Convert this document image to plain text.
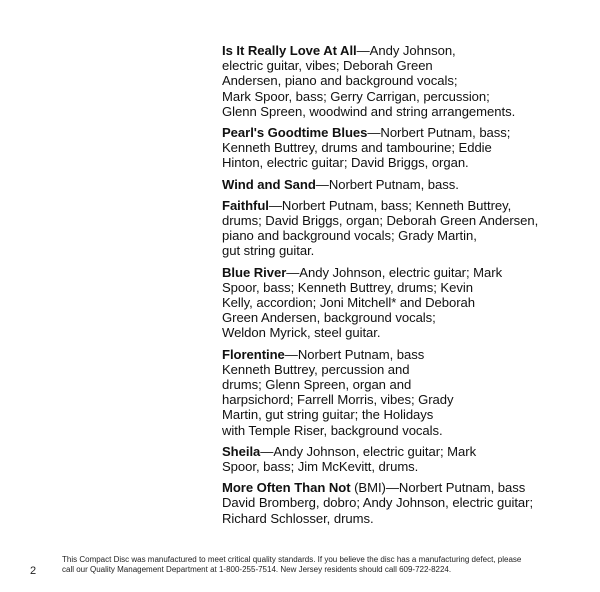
Is It Really Love At All—Andy Johnson,
electric guitar, vibes; Deborah Green
Andersen, piano and background vocals;
Mark Spoor, bass; Gerry Carrigan, percussion;
Glenn Spreen, woodwind and string arrangements.
Pearl's Goodtime Blues—Norbert Putnam, bass;
Kenneth Buttrey, drums and tambourine; Eddie
Hinton, electric guitar; David Briggs, organ.
Wind and Sand—Norbert Putnam, bass.
Faithful—Norbert Putnam, bass; Kenneth Buttrey,
drums; David Briggs, organ; Deborah Green Andersen,
piano and background vocals; Grady Martin,
gut string guitar.
Blue River—Andy Johnson, electric guitar; Mark
Spoor, bass; Kenneth Buttrey, drums; Kevin
Kelly, accordion; Joni Mitchell* and Deborah
Green Andersen, background vocals;
Weldon Myrick, steel guitar.
Florentine—Norbert Putnam, bass
Kenneth Buttrey, percussion and
drums; Glenn Spreen, organ and
harpsichord; Farrell Morris, vibes; Grady
Martin, gut string guitar; the Holidays
with Temple Riser, background vocals.
Sheila—Andy Johnson, electric guitar; Mark
Spoor, bass; Jim McKevitt, drums.
More Often Than Not (BMI)—Norbert Putnam, bass
David Bromberg, dobro; Andy Johnson, electric guitar;
Richard Schlosser, drums.
2
This Compact Disc was manufactured to meet critical quality standards. If you believe the disc has a manufacturing defect, please
call our Quality Management Department at 1-800-255-7514. New Jersey residents should call 609-722-8224.
